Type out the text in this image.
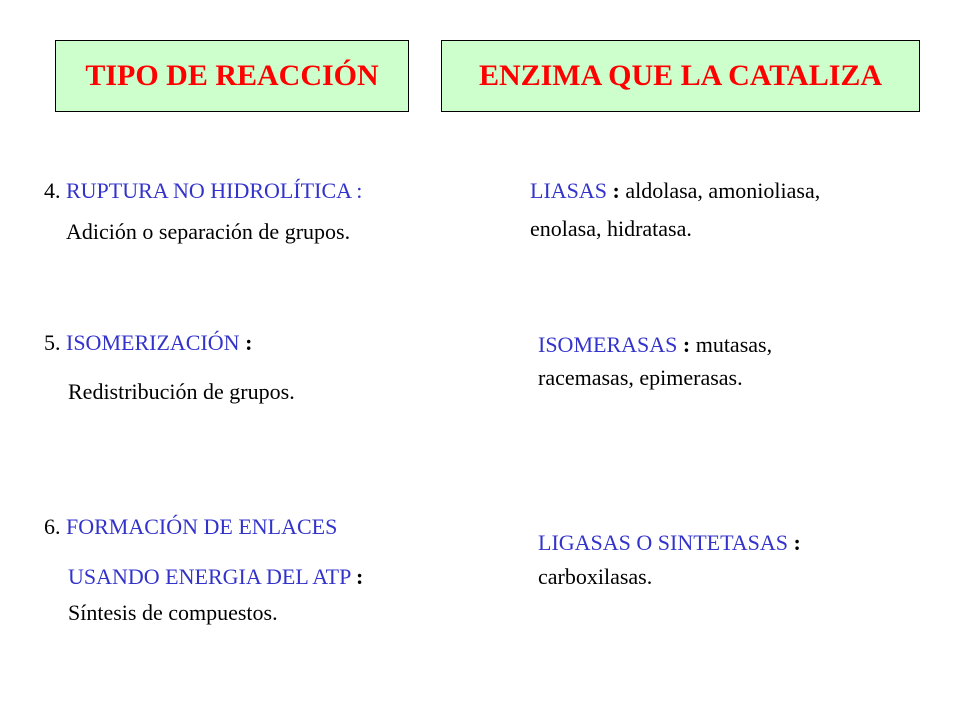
TIPO DE REACCIÓN	ENZIMA QUE LA CATALIZA
4. RUPTURA NO HIDROLÍTICA :
Adición o separación de grupos.
LIASAS : aldolasa, amonioliasa,
enolasa, hidratasa.
5. ISOMERIZACIÓN :
Redistribución de grupos.
ISOMERASAS : mutasas,
racemasas, epimerasas.
6. FORMACIÓN DE ENLACES
USANDO ENERGIA DEL ATP :
Síntesis de compuestos.
LIGASAS O SINTETASAS :
carboxilasas.
